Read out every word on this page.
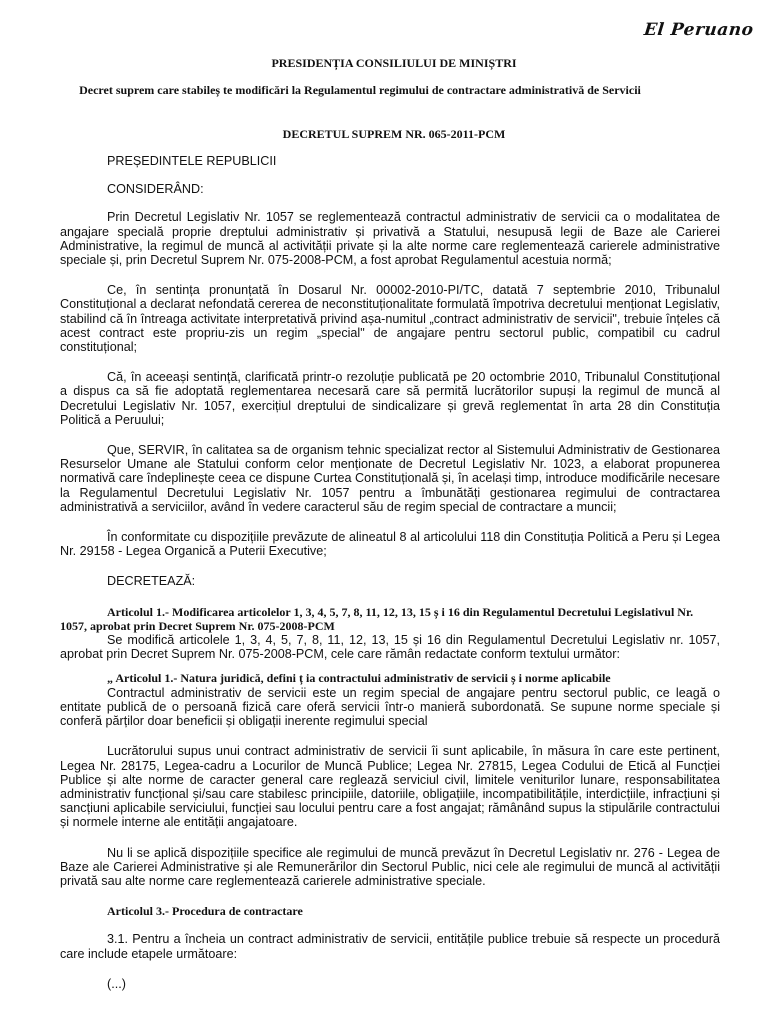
El Peruano
PRESIDENȚIA CONSILIULUI DE MINIȘTRI
Decret suprem care stabileș te modificări la Regulamentul regimului de contractare administrativă de Servicii
DECRETUL SUPREM NR. 065-2011-PCM

PREȘEDINTELE REPUBLICII

CONSIDERÂND:

Prin Decretul Legislativ Nr. 1057 se reglementează contractul administrativ de servicii ca o modalitatea de angajare specială proprie dreptului administrativ și privativă a Statului, nesupusă legii de Baze ale Carierei Administrative, la regimul de muncă al activității private și la alte norme care reglementează carierele administrative speciale și, prin Decretul Suprem Nr. 075-2008-PCM, a fost aprobat Regulamentul acestuia normă;

Ce, în sentința pronunțată în Dosarul Nr. 00002-2010-PI/TC, datată 7 septembrie 2010, Tribunalul Constituțional a declarat nefondată cererea de neconstituționalitate formulată împotriva decretului menționat Legislativ, stabilind că în întreaga activitate interpretativă privind așa-numitul „contract administrativ de servicii", trebuie înțeles că acest contract este propriu-zis un regim „special" de angajare pentru sectorul public, compatibil cu cadrul constituțional;

Că, în aceeași sentință, clarificată printr-o rezoluție publicată pe 20 octombrie 2010, Tribunalul Constituțional a dispus ca să fie adoptată reglementarea necesară care să permită lucrătorilor supuși la regimul de muncă al Decretului Legislativ Nr. 1057, exercițiul dreptului de sindicalizare și grevă reglementat în arta 28 din Constituția Politică a Peruului;

Que, SERVIR, în calitatea sa de organism tehnic specializat rector al Sistemului Administrativ de Gestionarea Resurselor Umane ale Statului conform celor menționate de Decretul Legislativ Nr. 1023, a elaborat propunerea normativă care îndeplinește ceea ce dispune Curtea Constituțională și, în același timp, introduce modificările necesare la Regulamentul Decretului Legislativ Nr. 1057 pentru a îmbunătăți gestionarea regimului de contractarea administrativă a serviciilor, având în vedere caracterul său de regim special de contractare a muncii;

În conformitate cu dispozițiile prevăzute de alineatul 8 al articolului 118 din Constituția Politică a Peru și Legea Nr. 29158 - Legea Organică a Puterii Executive;

DECRETEAZĂ:

Articolul 1.- Modificarea articolelor 1, 3, 4, 5, 7, 8, 11, 12, 13, 15 ș i 16 din Regulamentul Decretului Legislativul Nr. 1057, aprobat prin Decret Suprem Nr. 075-2008-PCM

Se modifică articolele 1, 3, 4, 5, 7, 8, 11, 12, 13, 15 și 16 din Regulamentul Decretului Legislativ nr. 1057, aprobat prin Decret Suprem Nr. 075-2008-PCM, cele care rămân redactate conform textului următor:

„ Articolul 1.- Natura juridică, defini ț ia contractului administrativ de servicii ș i norme aplicabile

Contractul administrativ de servicii este un regim special de angajare pentru sectorul public, ce leagă o entitate publică de o persoană fizică care oferă servicii într-o manieră subordonată. Se supune norme speciale și conferă părților doar beneficii și obligații inerente regimului special

Lucrătorului supus unui contract administrativ de servicii îi sunt aplicabile, în măsura în care este pertinent, Legea Nr. 28175, Legea-cadru a Locurilor de Muncă Publice; Legea Nr. 27815, Legea Codului de Etică al Funcției Publice și alte norme de caracter general care reglează serviciul civil, limitele veniturilor lunare, responsabilitatea administrativ funcțional și/sau care stabilesc principiile, datoriile, obligațiile, incompatibilitățile, interdicțiile, infracțiuni și sancțiuni aplicabile serviciului, funcției sau locului pentru care a fost angajat; rămânând supus la stipulările contractului și normele interne ale entității angajatoare.

Nu li se aplică dispozițiile specifice ale regimului de muncă prevăzut în Decretul Legislativ nr. 276 - Legea de Baze ale Carierei Administrative și ale Remunerărilor din Sectorul Public, nici cele ale regimului de muncă al activității privată sau alte norme care reglementează carierele administrative speciale.

Articolul 3.- Procedura de contractare

3.1. Pentru a încheia un contract administrativ de servicii, entitățile publice trebuie să respecte un procedură care include etapele următoare:

(...)
